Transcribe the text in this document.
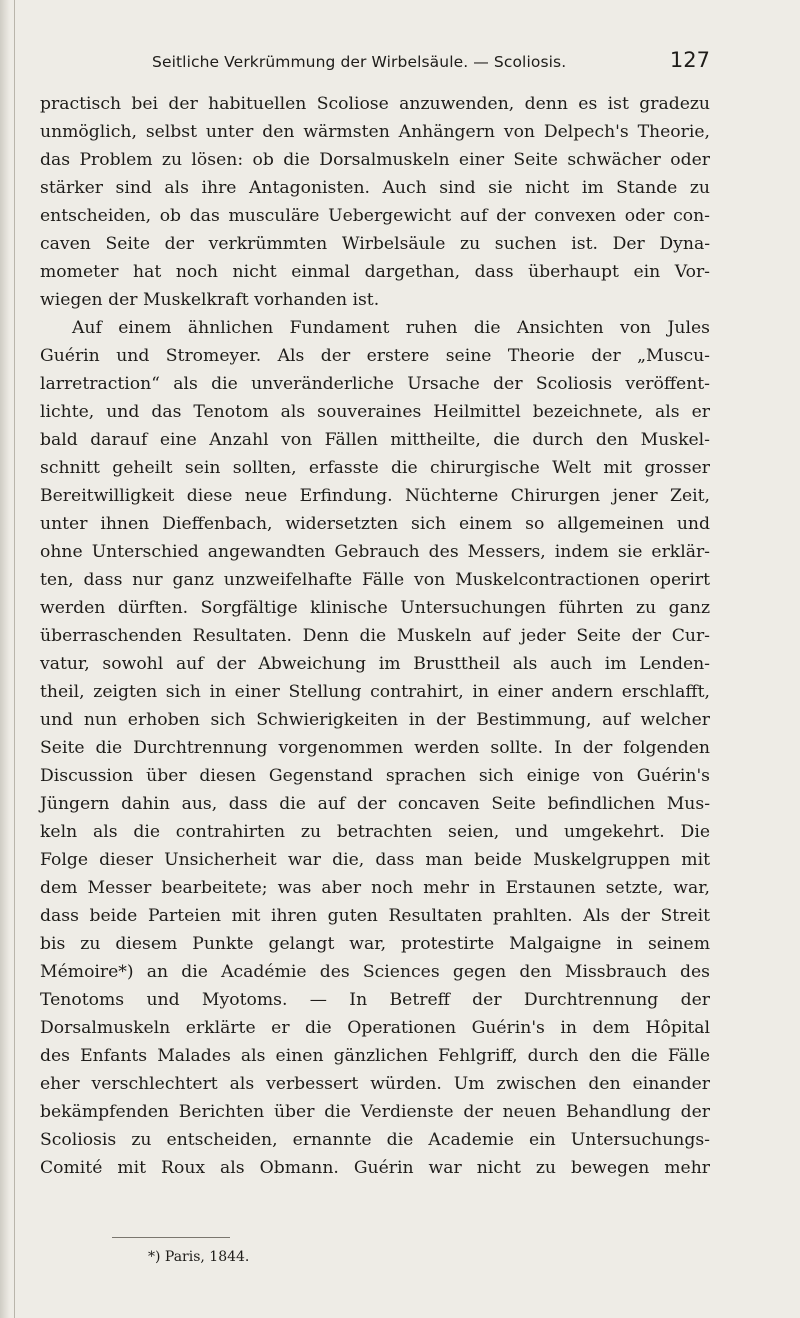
Seitliche Verkrümmung der Wirbelsäule. — Scoliosis.	127
practisch bei der habituellen Scoliose anzuwenden, denn es ist gradezu
unmöglich, selbst unter den wärmsten Anhängern von Delpech's Theorie,
das Problem zu lösen: ob die Dorsalmuskeln einer Seite schwächer oder
stärker sind als ihre Antagonisten. Auch sind sie nicht im Stande zu
entscheiden, ob das musculäre Uebergewicht auf der convexen oder con-
caven Seite der verkrümmten Wirbelsäule zu suchen ist. Der Dyna-
mometer hat noch nicht einmal dargethan, dass überhaupt ein Vor-
wiegen der Muskelkraft vorhanden ist.
Auf einem ähnlichen Fundament ruhen die Ansichten von Jules
Guérin und Stromeyer. Als der erstere seine Theorie der „Muscu-
larretraction“ als die unveränderliche Ursache der Scoliosis veröffent-
lichte, und das Tenotom als souveraines Heilmittel bezeichnete, als er
bald darauf eine Anzahl von Fällen mittheilte, die durch den Muskel-
schnitt geheilt sein sollten, erfasste die chirurgische Welt mit grosser
Bereitwilligkeit diese neue Erfindung. Nüchterne Chirurgen jener Zeit,
unter ihnen Dieffenbach, widersetzten sich einem so allgemeinen und
ohne Unterschied angewandten Gebrauch des Messers, indem sie erklär-
ten, dass nur ganz unzweifelhafte Fälle von Muskelcontractionen operirt
werden dürften. Sorgfältige klinische Untersuchungen führten zu ganz
überraschenden Resultaten. Denn die Muskeln auf jeder Seite der Cur-
vatur, sowohl auf der Abweichung im Brusttheil als auch im Lenden-
theil, zeigten sich in einer Stellung contrahirt, in einer andern erschlafft,
und nun erhoben sich Schwierigkeiten in der Bestimmung, auf welcher
Seite die Durchtrennung vorgenommen werden sollte. In der folgenden
Discussion über diesen Gegenstand sprachen sich einige von Guérin's
Jüngern dahin aus, dass die auf der concaven Seite befindlichen Mus-
keln als die contrahirten zu betrachten seien, und umgekehrt. Die
Folge dieser Unsicherheit war die, dass man beide Muskelgruppen mit
dem Messer bearbeitete; was aber noch mehr in Erstaunen setzte, war,
dass beide Parteien mit ihren guten Resultaten prahlten. Als der Streit
bis zu diesem Punkte gelangt war, protestirte Malgaigne in seinem
Mémoire*) an die Académie des Sciences gegen den Missbrauch des
Tenotoms und Myotoms. — In Betreff der Durchtrennung der
Dorsalmuskeln erklärte er die Operationen Guérin's in dem Hôpital
des Enfants Malades als einen gänzlichen Fehlgriff, durch den die Fälle
eher verschlechtert als verbessert würden. Um zwischen den einander
bekämpfenden Berichten über die Verdienste der neuen Behandlung der
Scoliosis zu entscheiden, ernannte die Academie ein Untersuchungs-
Comité mit Roux als Obmann. Guérin war nicht zu bewegen mehr
*) Paris, 1844.
